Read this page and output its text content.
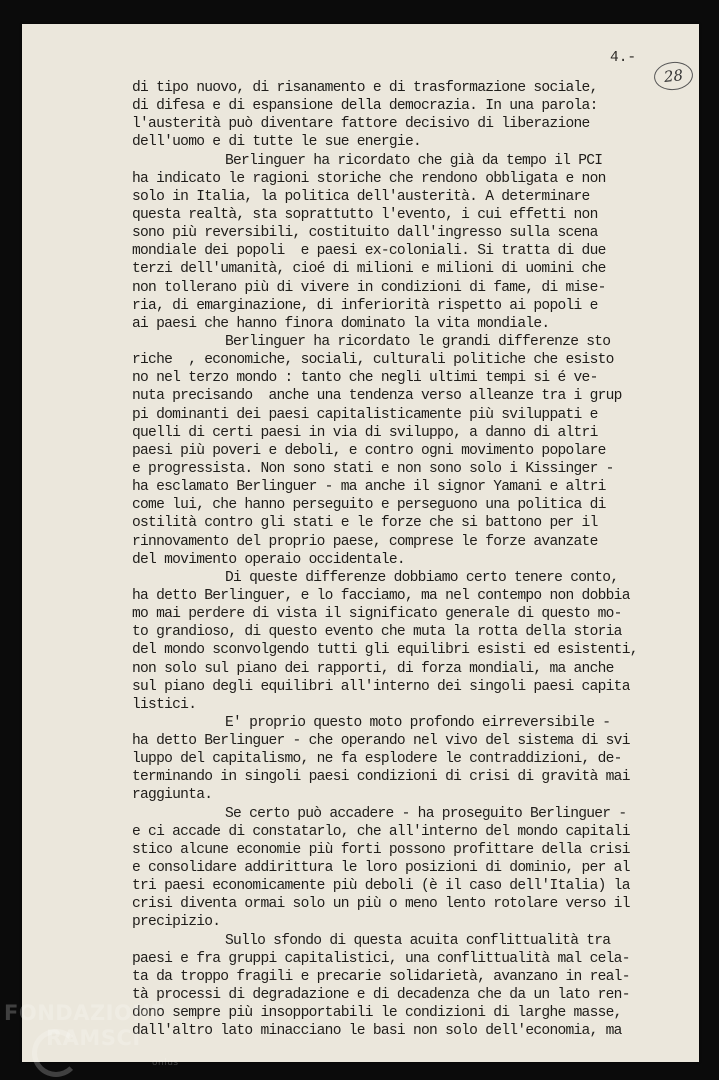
4.-
28
di tipo nuovo, di risanamento e di trasformazione sociale,
di difesa e di espansione della democrazia. In una parola:
l'austerità può diventare fattore decisivo di liberazione
dell'uomo e di tutte le sue energie.
Berlinguer ha ricordato che già da tempo il PCI
ha indicato le ragioni storiche che rendono obbligata e non
solo in Italia, la politica dell'austerità. A determinare
questa realtà, sta soprattutto l'evento, i cui effetti non
sono più reversibili, costituito dall'ingresso sulla scena
mondiale dei popoli  e paesi ex-coloniali. Si tratta di due
terzi dell'umanità, cioé di milioni e milioni di uomini che
non tollerano più di vivere in condizioni di fame, di mise-
ria, di emarginazione, di inferiorità rispetto ai popoli e
ai paesi che hanno finora dominato la vita mondiale.
Berlinguer ha ricordato le grandi differenze sto
riche  , economiche, sociali, culturali politiche che esisto
no nel terzo mondo : tanto che negli ultimi tempi si é ve-
nuta precisando  anche una tendenza verso alleanze tra i grup
pi dominanti dei paesi capitalisticamente più sviluppati e
quelli di certi paesi in via di sviluppo, a danno di altri
paesi più poveri e deboli, e contro ogni movimento popolare
e progressista. Non sono stati e non sono solo i Kissinger -
ha esclamato Berlinguer - ma anche il signor Yamani e altri
come lui, che hanno perseguito e perseguono una politica di
ostilità contro gli stati e le forze che si battono per il
rinnovamento del proprio paese, comprese le forze avanzate
del movimento operaio occidentale.
Di queste differenze dobbiamo certo tenere conto,
ha detto Berlinguer, e lo facciamo, ma nel contempo non dobbia
mo mai perdere di vista il significato generale di questo mo-
to grandioso, di questo evento che muta la rotta della storia
del mondo sconvolgendo tutti gli equilibri esisti ed esistenti,
non solo sul piano dei rapporti, di forza mondiali, ma anche
sul piano degli equilibri all'interno dei singoli paesi capita
listici.
E' proprio questo moto profondo eirreversibile -
ha detto Berlinguer - che operando nel vivo del sistema di svi
luppo del capitalismo, ne fa esplodere le contraddizioni, de-
terminando in singoli paesi condizioni di crisi di gravità mai
raggiunta.
Se certo può accadere - ha proseguito Berlinguer -
e ci accade di constatarlo, che all'interno del mondo capitali
stico alcune economie più forti possono profittare della crisi
e consolidare addirittura le loro posizioni di dominio, per al
tri paesi economicamente più deboli (è il caso dell'Italia) la
crisi diventa ormai solo un più o meno lento rotolare verso il
precipizio.
Sullo sfondo di questa acuita conflittualità tra
paesi e fra gruppi capitalistici, una conflittualità mal cela-
ta da troppo fragili e precarie solidarietà, avanzano in real-
tà processi di degradazione e di decadenza che da un lato ren-
dono sempre più insopportabili le condizioni di larghe masse,
dall'altro lato minacciano le basi non solo dell'economia, ma
FONDAZIONE
RAMSCI
onlus
